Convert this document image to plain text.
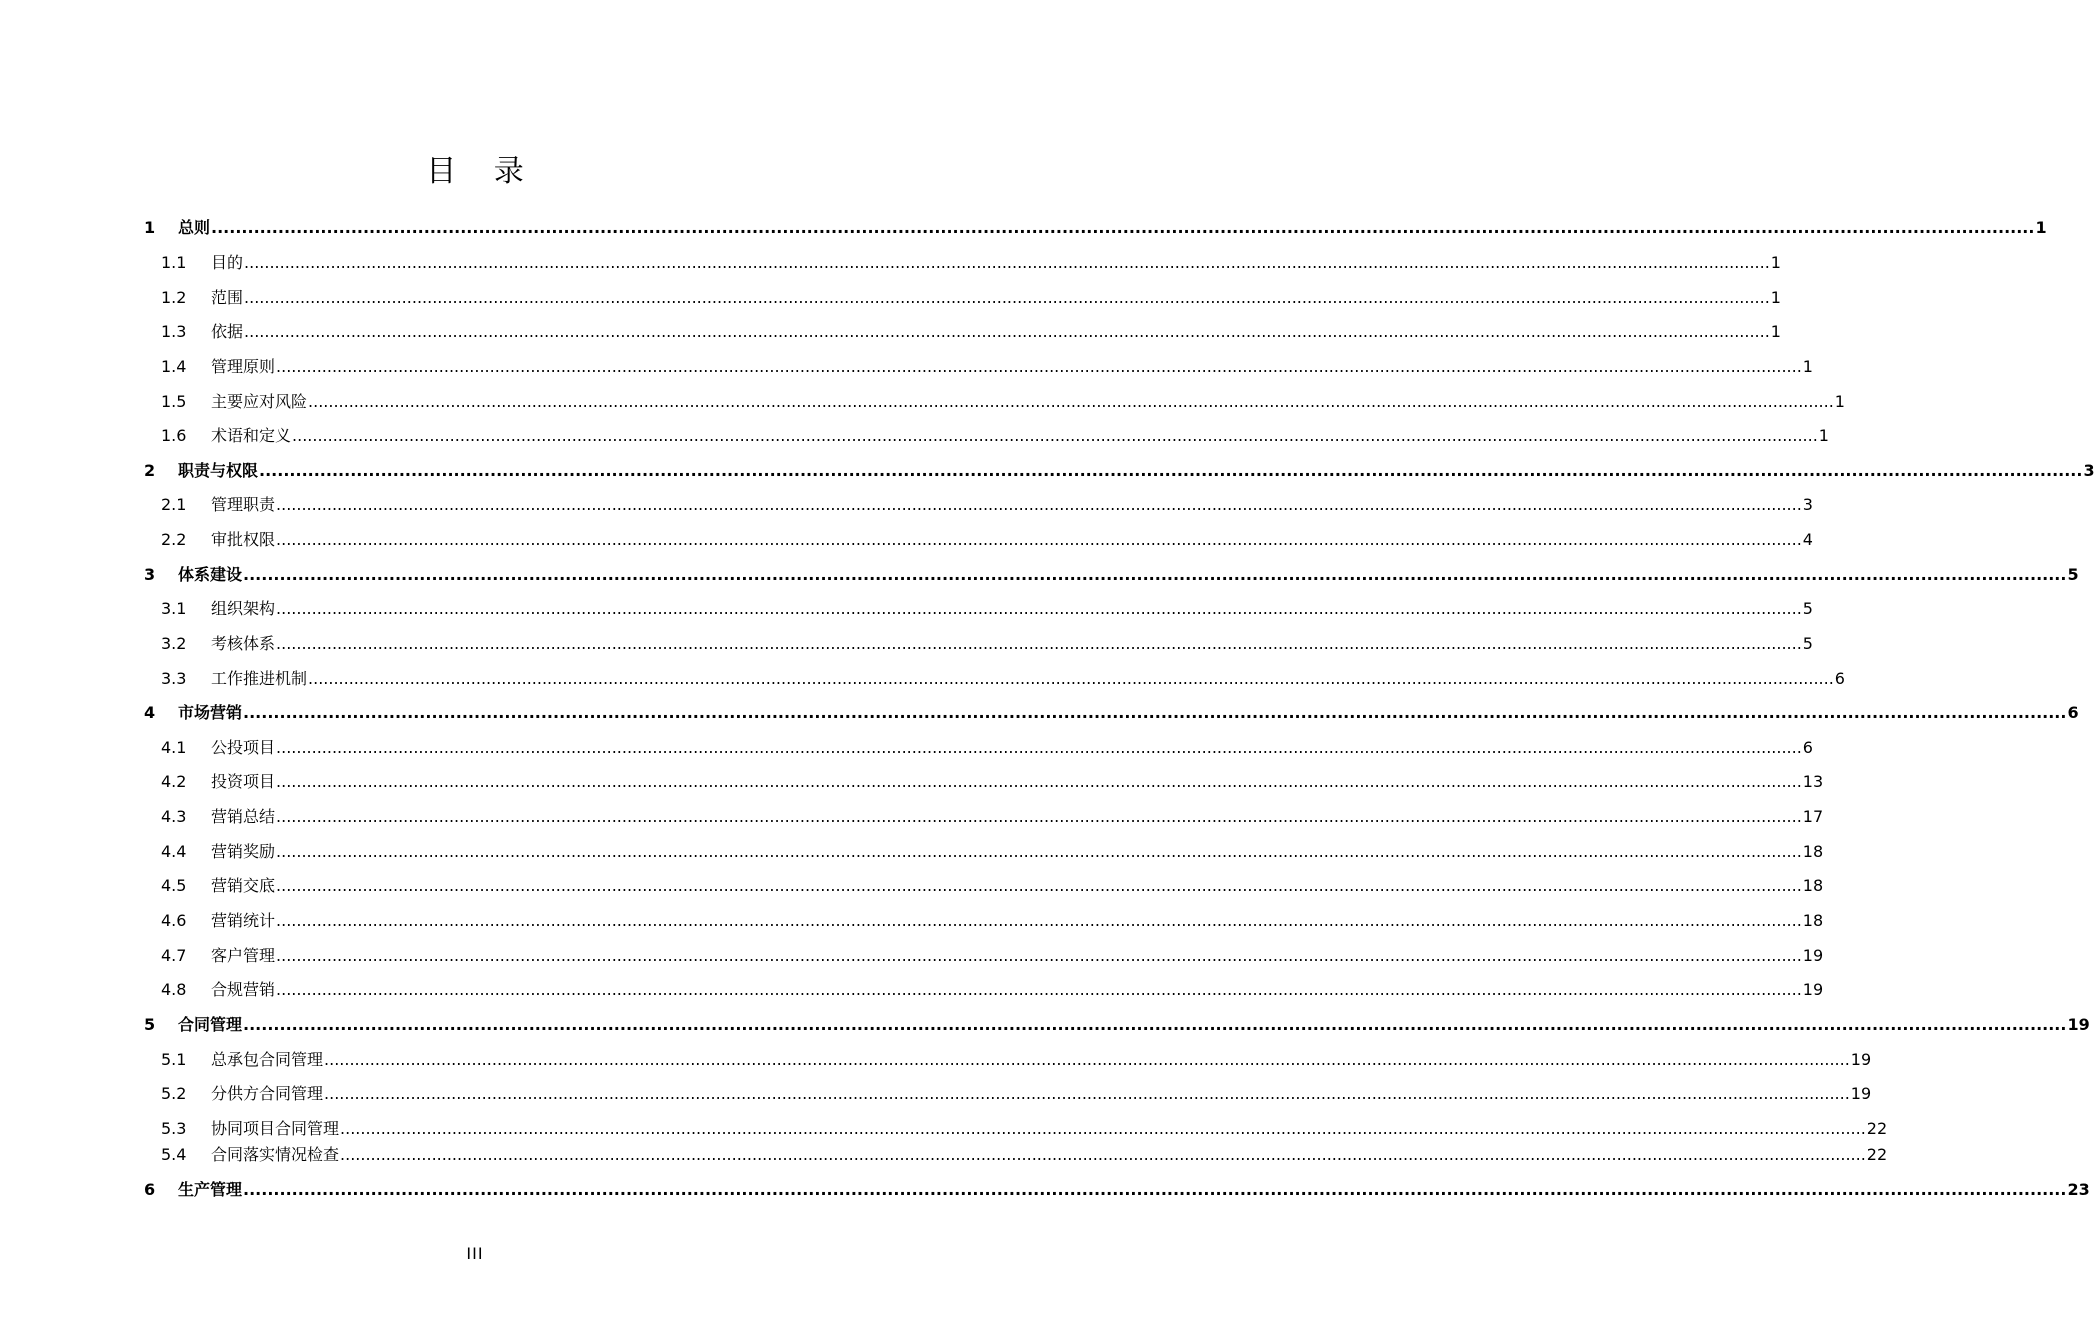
目 录
1 总则 ............................................................................................................................................................................................................................................................................................................ 1
1.1 目的 ............................................................................................................................................................................................................................................................................................................ 1
1.2 范围 ............................................................................................................................................................................................................................................................................................................ 1
1.3 依据 ............................................................................................................................................................................................................................................................................................................ 1
1.4 管理原则 ............................................................................................................................................................................................................................................................................................................ 1
1.5 主要应对风险 ............................................................................................................................................................................................................................................................................................................ 1
1.6 术语和定义 ............................................................................................................................................................................................................................................................................................................ 1
2 职责与权限 ............................................................................................................................................................................................................................................................................................................ 3
2.1 管理职责 ............................................................................................................................................................................................................................................................................................................ 3
2.2 审批权限 ............................................................................................................................................................................................................................................................................................................ 4
3 体系建设 ............................................................................................................................................................................................................................................................................................................ 5
3.1 组织架构 ............................................................................................................................................................................................................................................................................................................ 5
3.2 考核体系 ............................................................................................................................................................................................................................................................................................................ 5
3.3 工作推进机制 ............................................................................................................................................................................................................................................................................................................ 6
4 市场营销 ............................................................................................................................................................................................................................................................................................................ 6
4.1 公投项目 ............................................................................................................................................................................................................................................................................................................ 6
4.2 投资项目 ............................................................................................................................................................................................................................................................................................................ 13
4.3 营销总结 ............................................................................................................................................................................................................................................................................................................ 17
4.4 营销奖励 ............................................................................................................................................................................................................................................................................................................ 18
4.5 营销交底 ............................................................................................................................................................................................................................................................................................................ 18
4.6 营销统计 ............................................................................................................................................................................................................................................................................................................ 18
4.7 客户管理 ............................................................................................................................................................................................................................................................................................................ 19
4.8 合规营销 ............................................................................................................................................................................................................................................................................................................ 19
5 合同管理 ............................................................................................................................................................................................................................................................................................................ 19
5.1 总承包合同管理 ............................................................................................................................................................................................................................................................................................................ 19
5.2 分供方合同管理 ............................................................................................................................................................................................................................................................................................................ 19
5.3 协同项目合同管理 ............................................................................................................................................................................................................................................................................................................ 22
5.4 合同落实情况检查 ............................................................................................................................................................................................................................................................................................................ 22
6 生产管理 ............................................................................................................................................................................................................................................................................................................ 23
III
